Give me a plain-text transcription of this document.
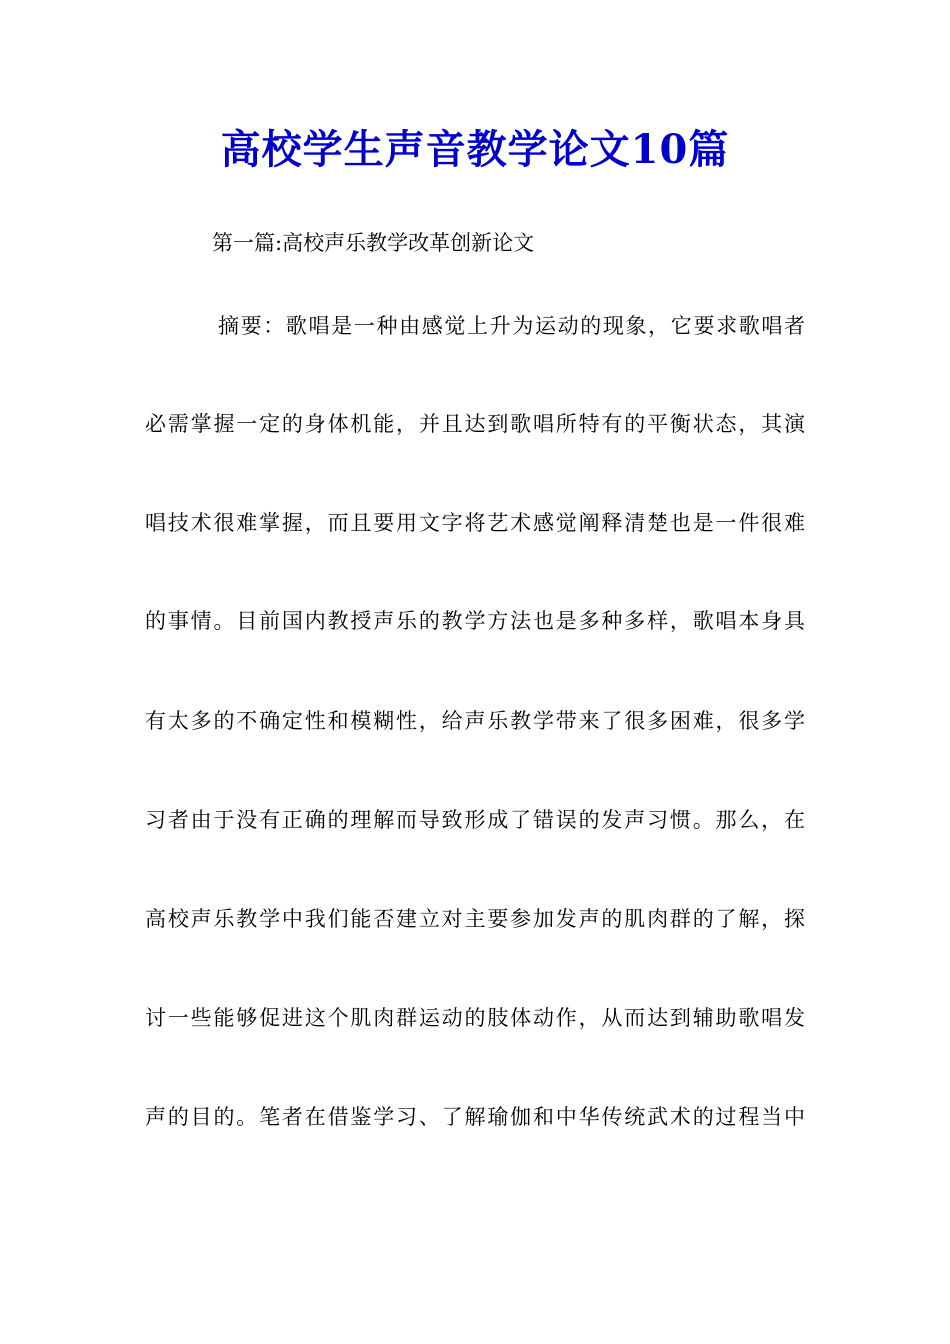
高校学生声音教学论文10篇
第一篇:高校声乐教学改革创新论文
摘要：歌唱是一种由感觉上升为运动的现象，它要求歌唱者
必需掌握一定的身体机能，并且达到歌唱所特有的平衡状态，其演
唱技术很难掌握，而且要用文字将艺术感觉阐释清楚也是一件很难
的事情。目前国内教授声乐的教学方法也是多种多样，歌唱本身具
有太多的不确定性和模糊性，给声乐教学带来了很多困难，很多学
习者由于没有正确的理解而导致形成了错误的发声习惯。那么，在
高校声乐教学中我们能否建立对主要参加发声的肌肉群的了解，探
讨一些能够促进这个肌肉群运动的肢体动作，从而达到辅助歌唱发
声的目的。笔者在借鉴学习、了解瑜伽和中华传统武术的过程当中
